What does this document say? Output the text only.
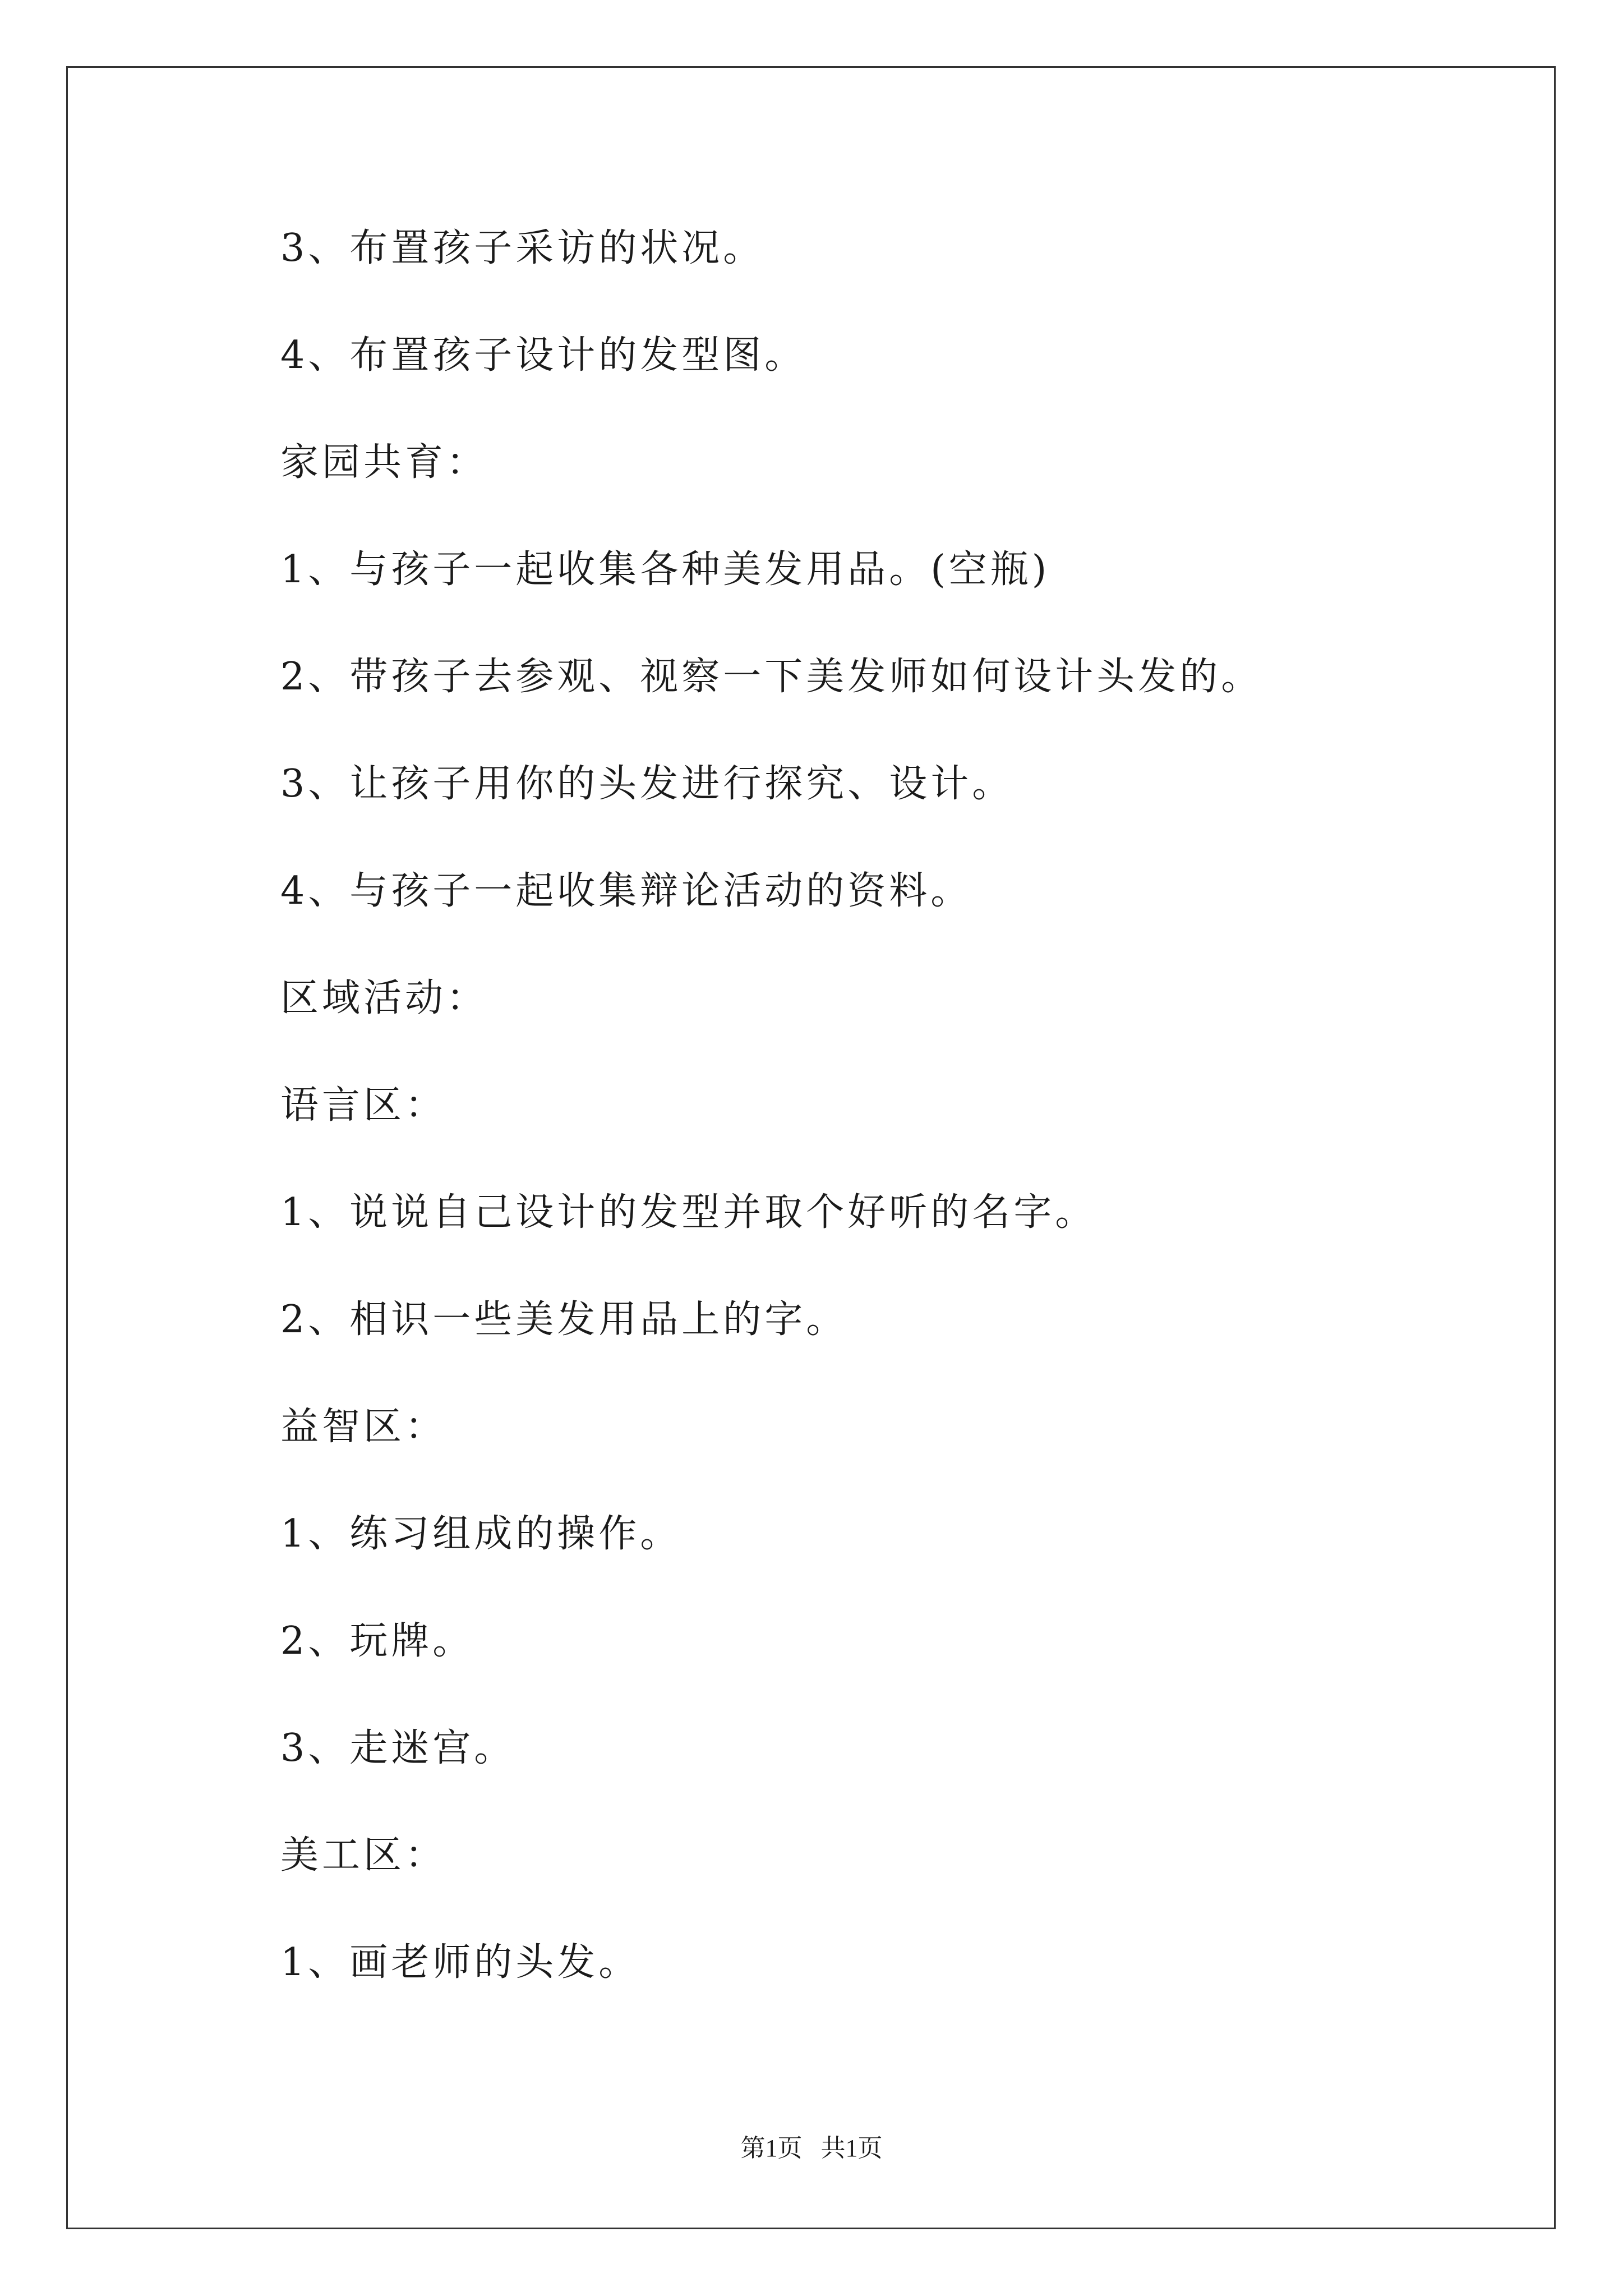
3、布置孩子采访的状况。
4、布置孩子设计的发型图。
家园共育：
1、与孩子一起收集各种美发用品。(空瓶)
2、带孩子去参观、视察一下美发师如何设计头发的。
3、让孩子用你的头发进行探究、设计。
4、与孩子一起收集辩论活动的资料。
区域活动：
语言区：
1、说说自己设计的发型并取个好听的名字。
2、相识一些美发用品上的字。
益智区：
1、练习组成的操作。
2、玩牌。
3、走迷宫。
美工区：
1、画老师的头发。
第1页   共1页
